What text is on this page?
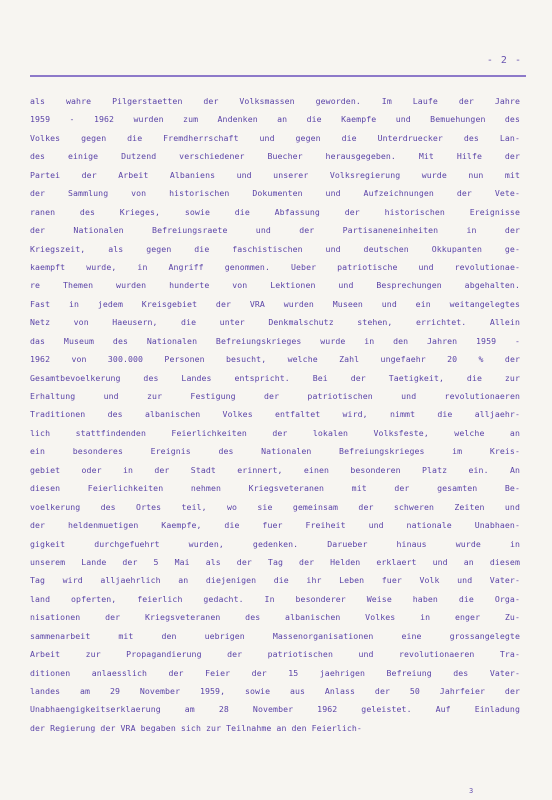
- 2 -
als wahre Pilgerstaetten der Volksmassen geworden. Im Laufe der Jahre
1959 - 1962 wurden zum Andenken an die Kaempfe und Bemuehungen des
Volkes gegen die Fremdherrschaft und gegen die Unterdruecker des Lan-
des einige Dutzend verschiedener Buecher herausgegeben. Mit Hilfe der
Partei der Arbeit Albaniens und unserer Volksregierung wurde nun mit
der Sammlung von historischen Dokumenten und Aufzeichnungen der Vete-
ranen des Krieges, sowie die Abfassung der historischen Ereignisse
der Nationalen Befreiungsraete und der Partisaneneinheiten in der
Kriegszeit, als gegen die faschistischen und deutschen Okkupanten ge-
kaempft wurde, in Angriff genommen. Ueber patriotische und revolutionae-
re Themen wurden hunderte von Lektionen und Besprechungen abgehalten.
Fast in jedem Kreisgebiet der VRA wurden Museen und ein weitangelegtes
Netz von Haeusern, die unter Denkmalschutz stehen, errichtet. Allein
das Museum des Nationalen Befreiungskrieges wurde in den Jahren 1959 -
1962 von 300.000 Personen besucht, welche Zahl ungefaehr 20 % der
Gesamtbevoelkerung des Landes entspricht. Bei der Taetigkeit, die zur
Erhaltung und zur Festigung der patriotischen und revolutionaeren
Traditionen des albanischen Volkes entfaltet wird, nimmt die alljaehr-
lich stattfindenden Feierlichkeiten der lokalen Volksfeste, welche an
ein besonderes Ereignis des Nationalen Befreiungskrieges im Kreis-
gebiet oder in der Stadt erinnert, einen besonderen Platz ein. An
diesen Feierlichkeiten nehmen Kriegsveteranen mit der gesamten Be-
voelkerung des Ortes teil, wo sie gemeinsam der schweren Zeiten und
der heldenmuetigen Kaempfe, die fuer Freiheit und nationale Unabhaen-
gigkeit durchgefuehrt wurden, gedenken. Darueber hinaus wurde in
unserem Lande der 5 Mai als der Tag der Helden erklaert und an diesem
Tag wird alljaehrlich an diejenigen die ihr Leben fuer Volk und Vater-
land opferten, feierlich gedacht. In besonderer Weise haben die Orga-
nisationen der Kriegsveteranen des albanischen Volkes in enger Zu-
sammenarbeit mit den uebrigen Massenorganisationen eine grossangelegte
Arbeit zur Propagandierung der patriotischen und revolutionaeren Tra-
ditionen anlaesslich der Feier der 15 jaehrigen Befreiung des Vater-
landes am 29 November 1959, sowie aus Anlass der 50 Jahrfeier der
Unabhaengigkeitserklaerung am 28 November 1962 geleistet. Auf Einladung
der Regierung der VRA begaben sich zur Teilnahme an den Feierlich-
3
